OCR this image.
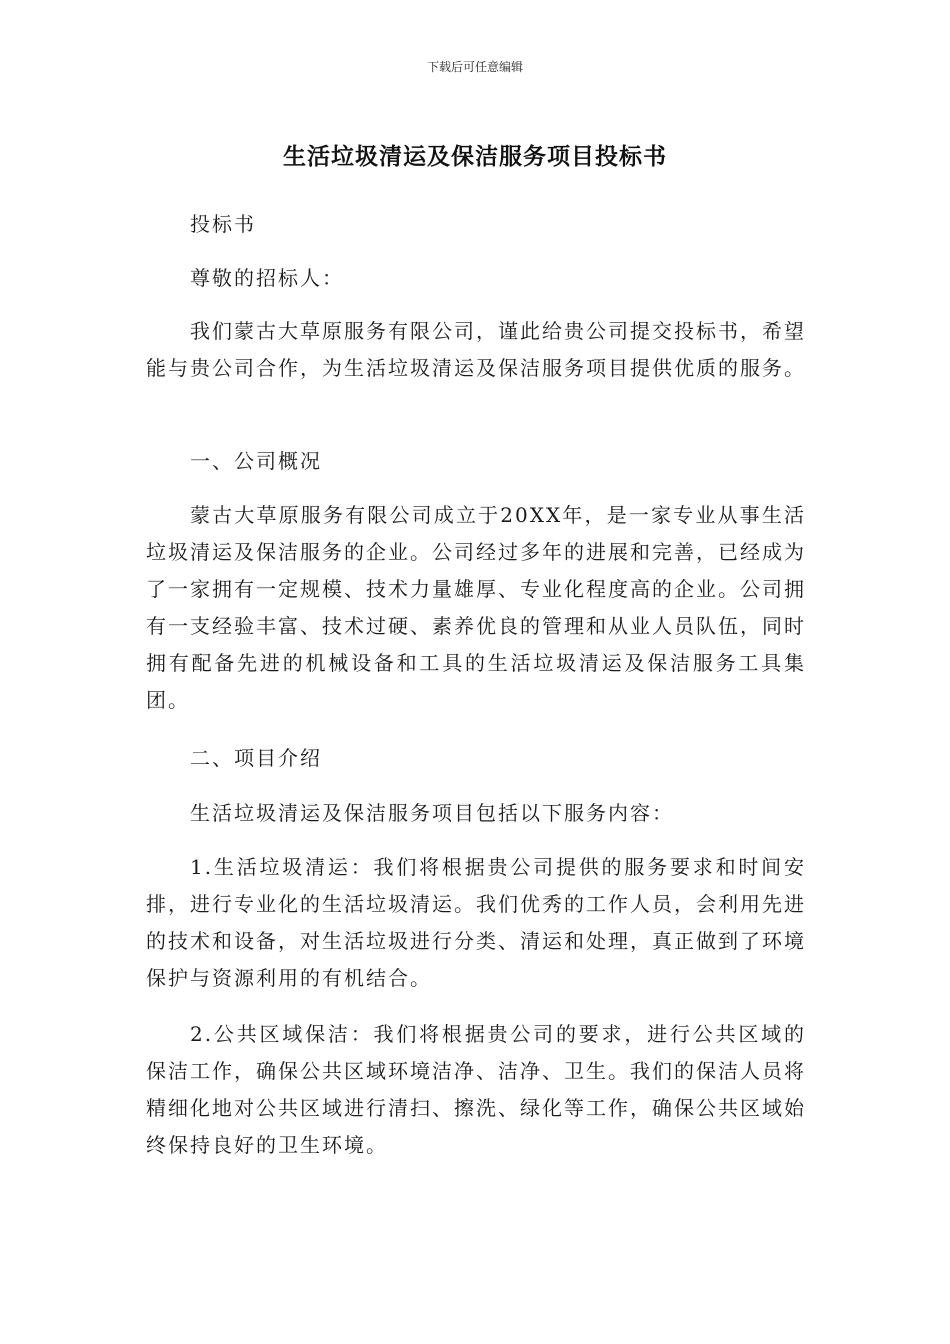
下载后可任意编辑
生活垃圾清运及保洁服务项目投标书
投标书
尊敬的招标人：
我们蒙古大草原服务有限公司，谨此给贵公司提交投标书，希望能与贵公司合作，为生活垃圾清运及保洁服务项目提供优质的服务。
一、公司概况
蒙古大草原服务有限公司成立于20XX年，是一家专业从事生活垃圾清运及保洁服务的企业。公司经过多年的进展和完善，已经成为了一家拥有一定规模、技术力量雄厚、专业化程度高的企业。公司拥有一支经验丰富、技术过硬、素养优良的管理和从业人员队伍，同时拥有配备先进的机械设备和工具的生活垃圾清运及保洁服务工具集团。
二、项目介绍
生活垃圾清运及保洁服务项目包括以下服务内容：
1.生活垃圾清运：我们将根据贵公司提供的服务要求和时间安排，进行专业化的生活垃圾清运。我们优秀的工作人员，会利用先进的技术和设备，对生活垃圾进行分类、清运和处理，真正做到了环境保护与资源利用的有机结合。
2.公共区域保洁：我们将根据贵公司的要求，进行公共区域的保洁工作，确保公共区域环境洁净、洁净、卫生。我们的保洁人员将精细化地对公共区域进行清扫、擦洗、绿化等工作，确保公共区域始终保持良好的卫生环境。
